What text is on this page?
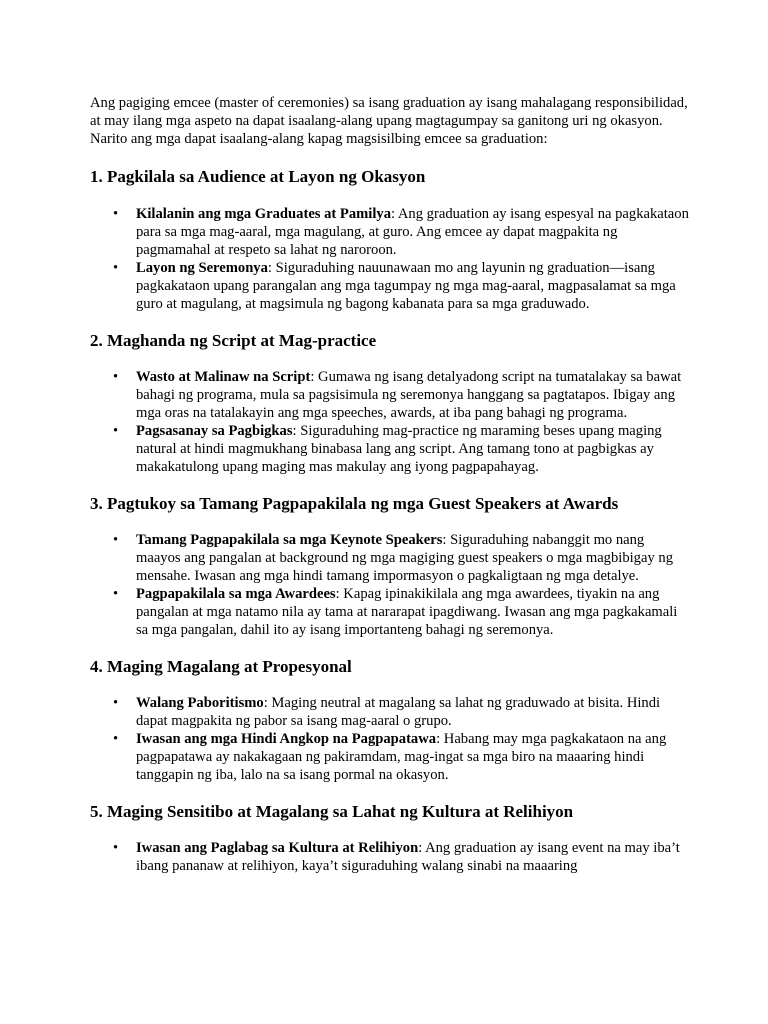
Ang pagiging emcee (master of ceremonies) sa isang graduation ay isang mahalagang responsibilidad, at may ilang mga aspeto na dapat isaalang-alang upang magtagumpay sa ganitong uri ng okasyon. Narito ang mga dapat isaalang-alang kapag magsisilbing emcee sa graduation:

1. Pagkilala sa Audience at Layon ng Okasyon
• Kilalanin ang mga Graduates at Pamilya: Ang graduation ay isang espesyal na pagkakataon para sa mga mag-aaral, mga magulang, at guro. Ang emcee ay dapat magpakita ng pagmamahal at respeto sa lahat ng naroroon.
• Layon ng Seremonya: Siguraduhing nauunawaan mo ang layunin ng graduation—isang pagkakataon upang parangalan ang mga tagumpay ng mga mag-aaral, magpasalamat sa mga guro at magulang, at magsimula ng bagong kabanata para sa mga graduwado.
2. Maghanda ng Script at Mag-practice
• Wasto at Malinaw na Script: Gumawa ng isang detalyadong script na tumatalakay sa bawat bahagi ng programa, mula sa pagsisimula ng seremonya hanggang sa pagtatapos. Ibigay ang mga oras na tatalakayin ang mga speeches, awards, at iba pang bahagi ng programa.
• Pagsasanay sa Pagbigkas: Siguraduhing mag-practice ng maraming beses upang maging natural at hindi magmukhang binabasa lang ang script. Ang tamang tono at pagbigkas ay makakatulong upang maging mas makulay ang iyong pagpapahayag.
3. Pagtukoy sa Tamang Pagpapakilala ng mga Guest Speakers at Awards
• Tamang Pagpapakilala sa mga Keynote Speakers: Siguraduhing nabanggit mo nang maayos ang pangalan at background ng mga magiging guest speakers o mga magbibigay ng mensahe. Iwasan ang mga hindi tamang impormasyon o pagkaligtaan ng mga detalye.
• Pagpapakilala sa mga Awardees: Kapag ipinakikilala ang mga awardees, tiyakin na ang pangalan at mga natamo nila ay tama at nararapat ipagdiwang. Iwasan ang mga pagkakamali sa mga pangalan, dahil ito ay isang importanteng bahagi ng seremonya.
4. Maging Magalang at Propesyonal
• Walang Paboritismo: Maging neutral at magalang sa lahat ng graduwado at bisita. Hindi dapat magpakita ng pabor sa isang mag-aaral o grupo.
• Iwasan ang mga Hindi Angkop na Pagpapatawa: Habang may mga pagkakataon na ang pagpapatawa ay nakakagaan ng pakiramdam, mag-ingat sa mga biro na maaaring hindi tanggapin ng iba, lalo na sa isang pormal na okasyon.
5. Maging Sensitibo at Magalang sa Lahat ng Kultura at Relihiyon
• Iwasan ang Paglabag sa Kultura at Relihiyon: Ang graduation ay isang event na may iba’t ibang pananaw at relihiyon, kaya’t siguraduhing walang sinabi na maaaring
